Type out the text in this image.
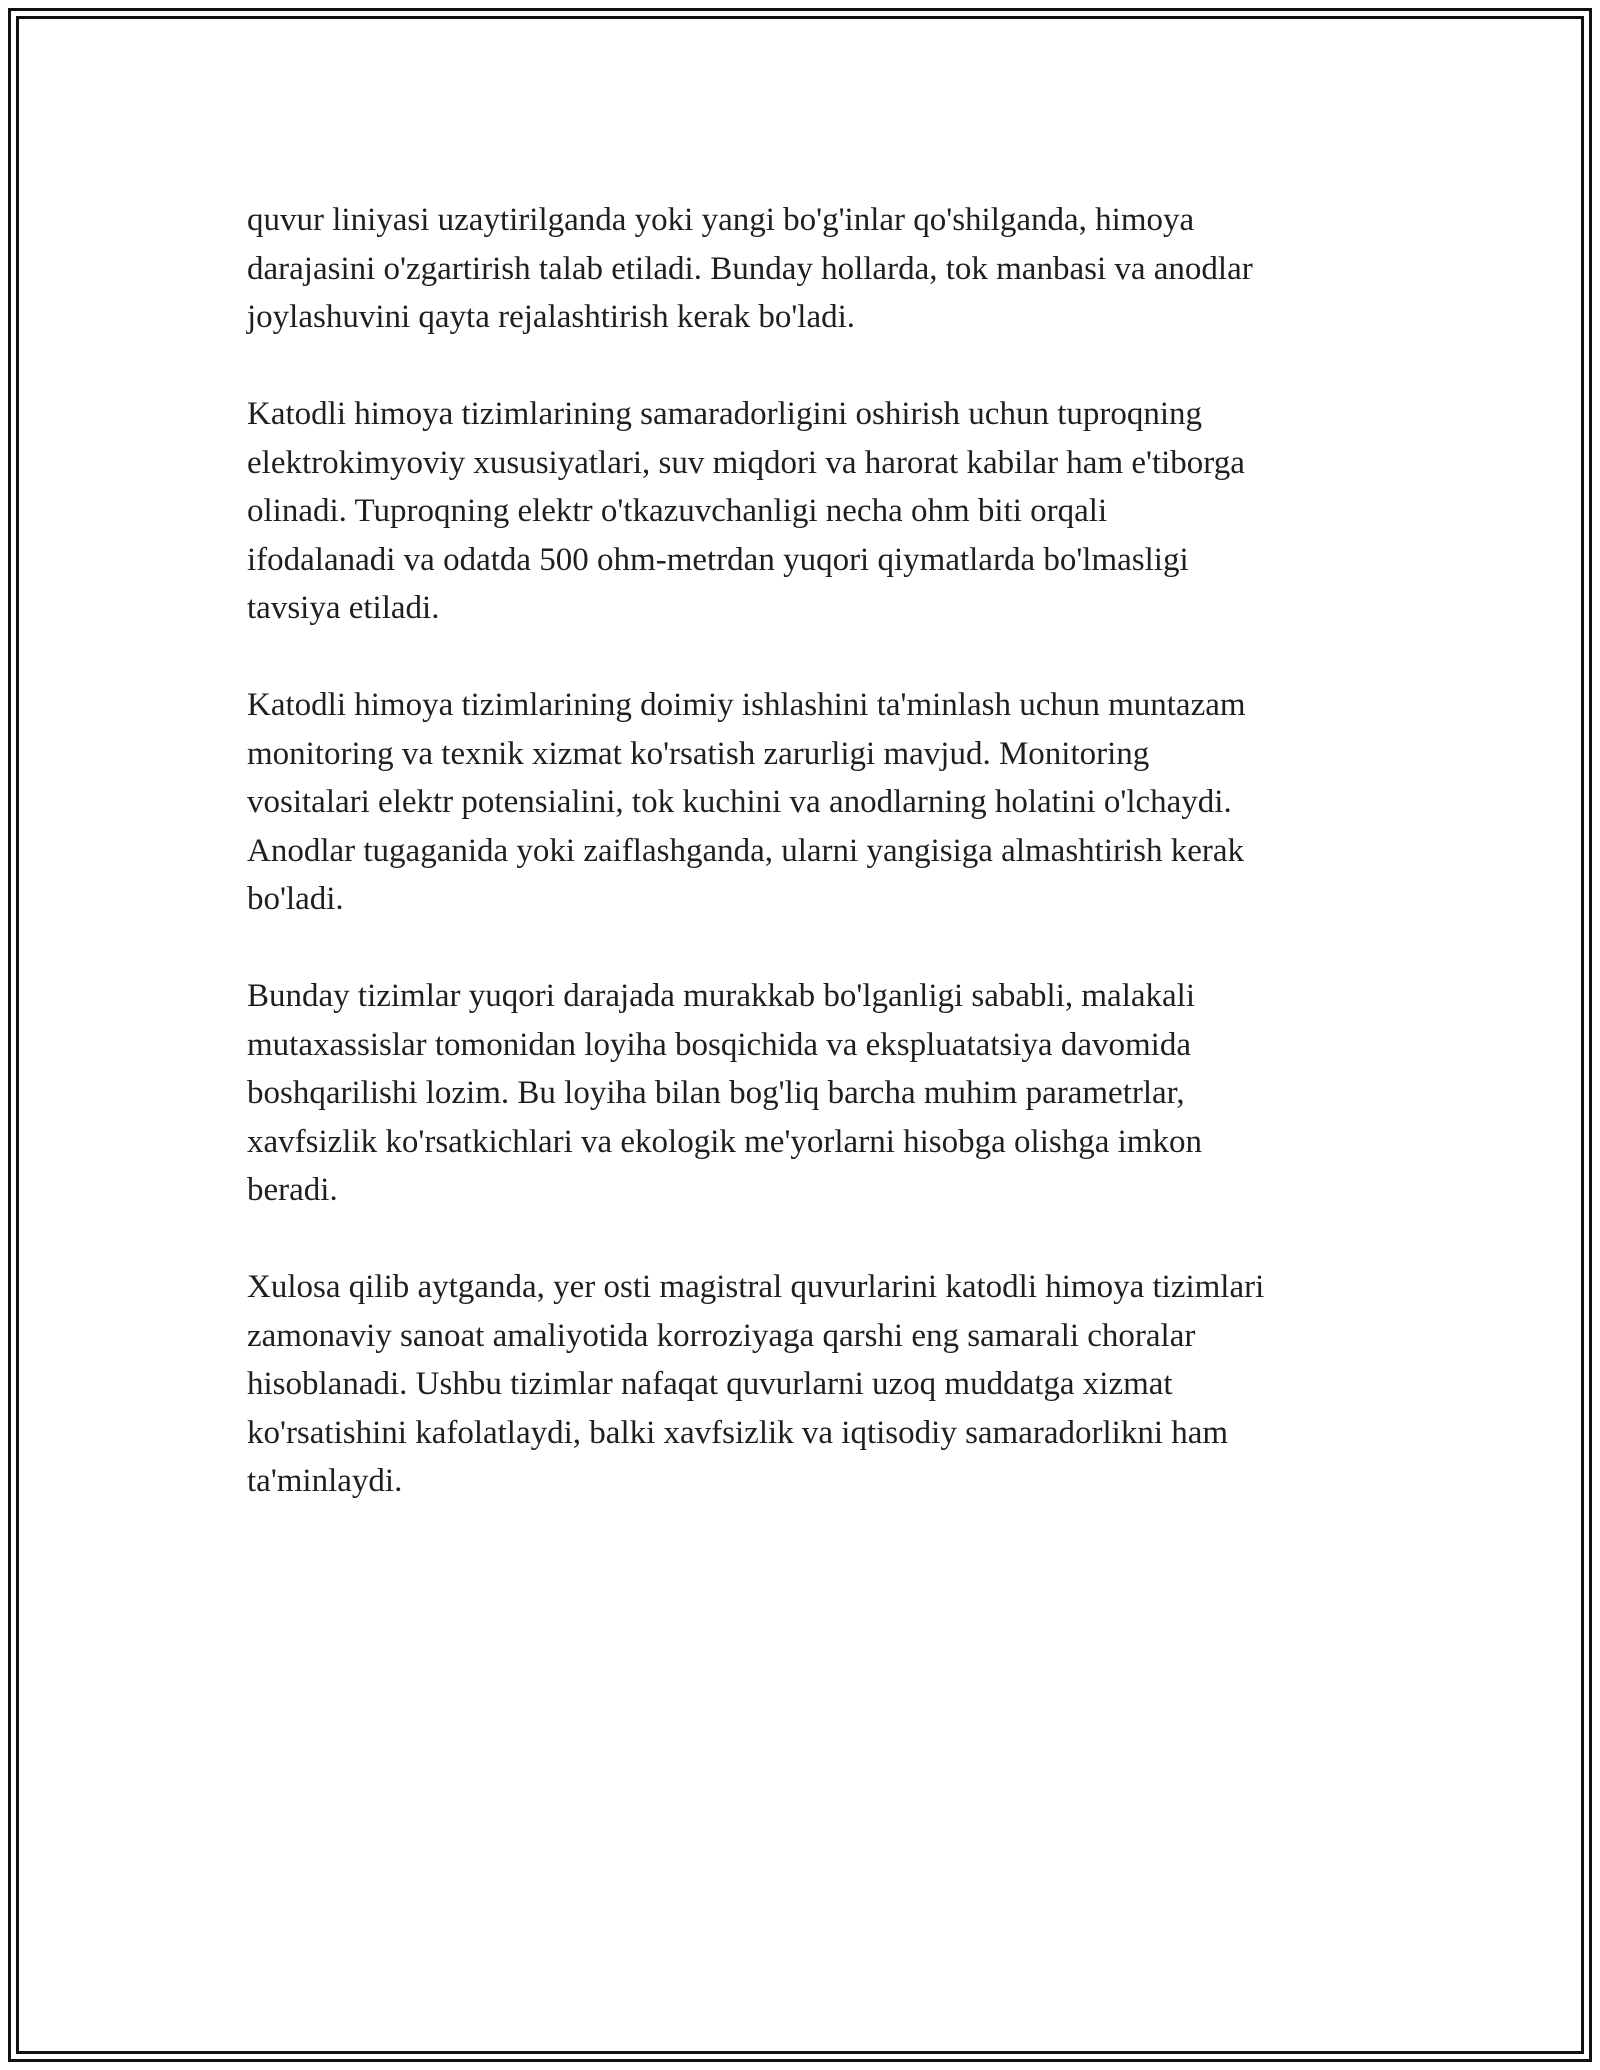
quvur liniyasi uzaytirilganda yoki yangi bo'g'inlar qo'shilganda, himoya
darajasini o'zgartirish talab etiladi. Bunday hollarda, tok manbasi va anodlar
joylashuvini qayta rejalashtirish kerak bo'ladi.

Katodli himoya tizimlarining samaradorligini oshirish uchun tuproqning
elektrokimyoviy xususiyatlari, suv miqdori va harorat kabilar ham e'tiborga
olinadi. Tuproqning elektr o'tkazuvchanligi necha ohm biti orqali
ifodalanadi va odatda 500 ohm-metrdan yuqori qiymatlarda bo'lmasligi
tavsiya etiladi.

Katodli himoya tizimlarining doimiy ishlashini ta'minlash uchun muntazam
monitoring va texnik xizmat ko'rsatish zarurligi mavjud. Monitoring
vositalari elektr potensialini, tok kuchini va anodlarning holatini o'lchaydi.
Anodlar tugaganida yoki zaiflashganda, ularni yangisiga almashtirish kerak
bo'ladi.

Bunday tizimlar yuqori darajada murakkab bo'lganligi sababli, malakali
mutaxassislar tomonidan loyiha bosqichida va ekspluatatsiya davomida
boshqarilishi lozim. Bu loyiha bilan bog'liq barcha muhim parametrlar,
xavfsizlik ko'rsatkichlari va ekologik me'yorlarni hisobga olishga imkon
beradi.

Xulosa qilib aytganda, yer osti magistral quvurlarini katodli himoya tizimlari
zamonaviy sanoat amaliyotida korroziyaga qarshi eng samarali choralar
hisoblanadi. Ushbu tizimlar nafaqat quvurlarni uzoq muddatga xizmat
ko'rsatishini kafolatlaydi, balki xavfsizlik va iqtisodiy samaradorlikni ham
ta'minlaydi.
